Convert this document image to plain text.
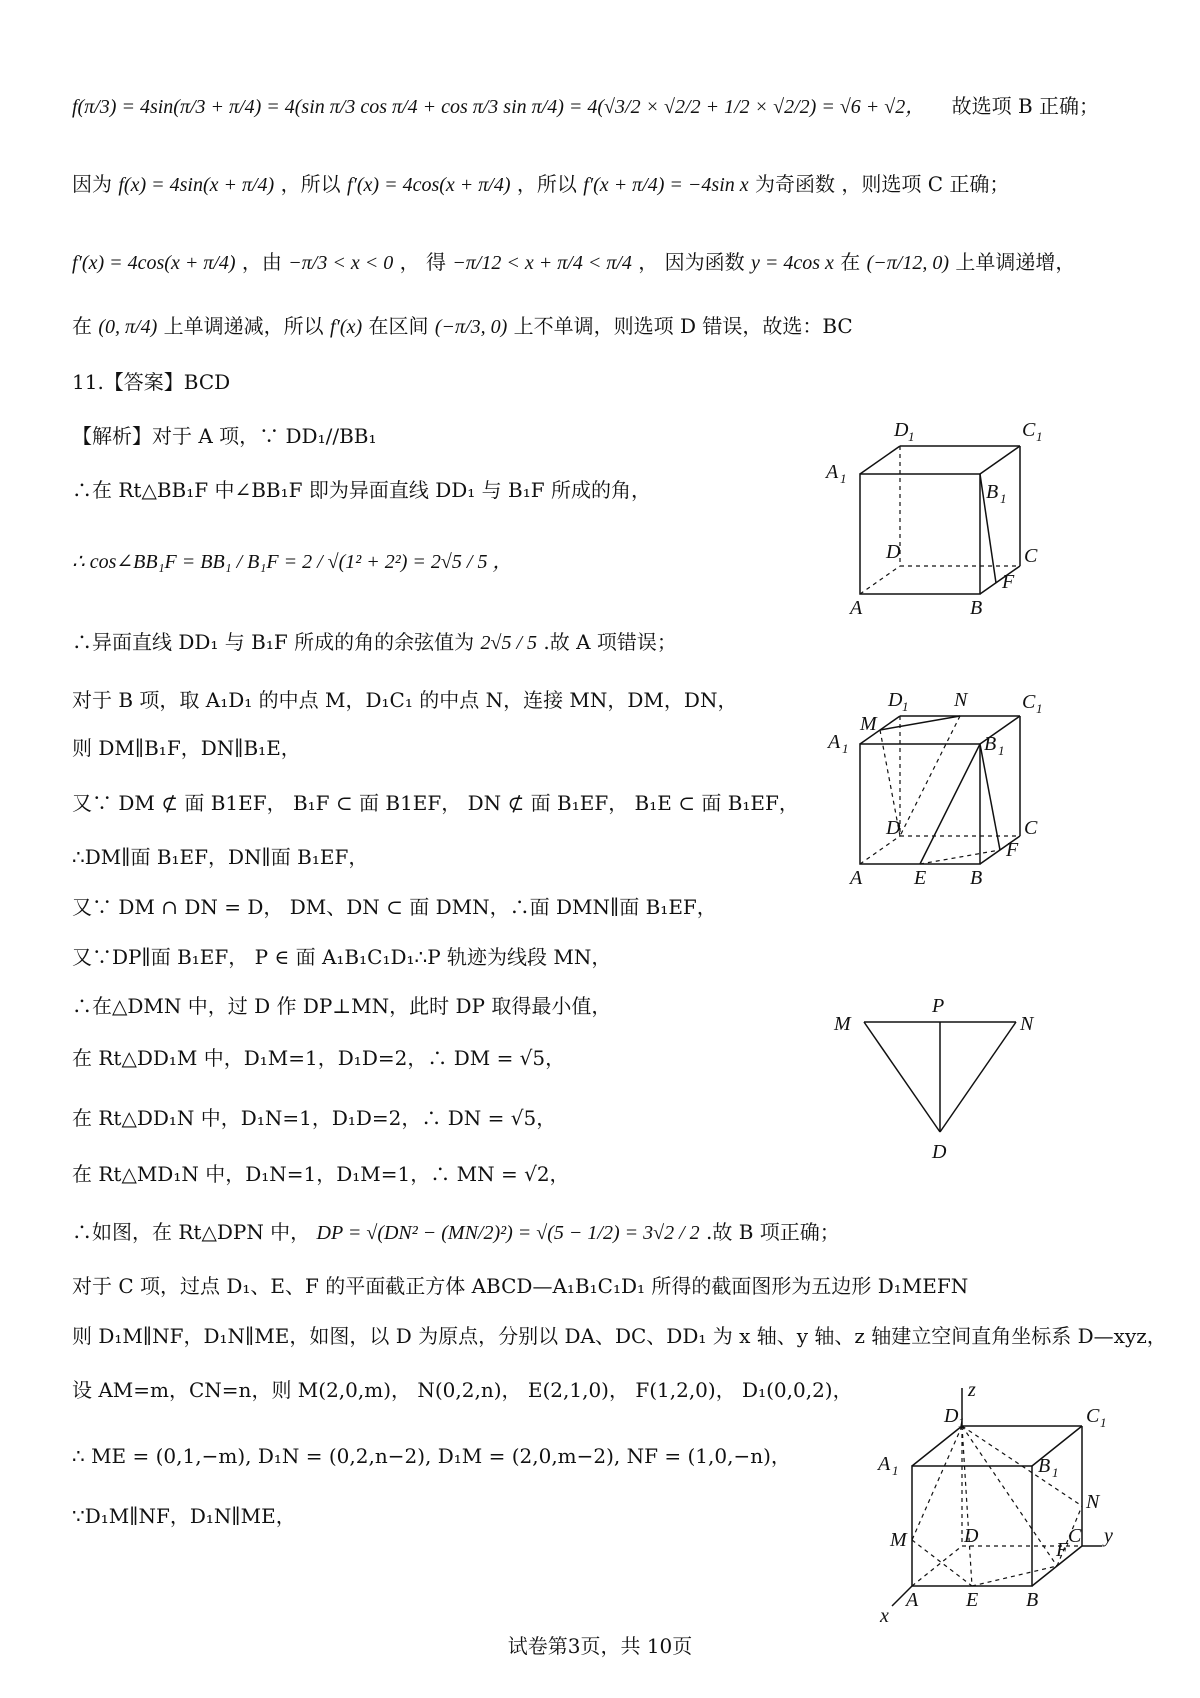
f(π/3) = 4sin(π/3 + π/4) = 4(sin π/3 cos π/4 + cos π/3 sin π/4) = 4(√3/2 × √2/2 + 1/2 × √2/2) = √6 + √2， 故选项 B 正确；
因为 f(x) = 4sin(x + π/4) ，所以 f′(x) = 4cos(x + π/4) ，所以 f′(x + π/4) = −4sin x 为奇函数 ，则选项 C 正确；
f′(x) = 4cos(x + π/4) ，由 −π/3 < x < 0 ， 得 −π/12 < x + π/4 < π/4 ， 因为函数 y = 4cos x 在 (−π/12, 0) 上单调递增，
在 (0, π/4) 上单调递减，所以 f′(x) 在区间 (−π/3, 0) 上不单调，则选项 D 错误，故选：BC
11.【答案】BCD
【解析】对于 A 项，∵ DD₁//BB₁
∴在 Rt△BB₁F 中∠BB₁F 即为异面直线 DD₁ 与 B₁F 所成的角，
∴ cos∠BB₁F = BB₁ / B₁F = 2 / √(1² + 2²) = 2√5 / 5 ，
∴异面直线 DD₁ 与 B₁F 所成的角的余弦值为 2√5 / 5 .故 A 项错误；
对于 B 项，取 A₁D₁ 的中点 M，D₁C₁ 的中点 N，连接 MN，DM，DN，
则 DM∥B₁F，DN∥B₁E，
又∵ DM ⊄ 面 B1EF， B₁F ⊂ 面 B1EF， DN ⊄ 面 B₁EF， B₁E ⊂ 面 B₁EF，
∴DM∥面 B₁EF，DN∥面 B₁EF，
又∵ DM ∩ DN = D， DM、DN ⊂ 面 DMN，∴面 DMN∥面 B₁EF，
又∵DP∥面 B₁EF， P ∈ 面 A₁B₁C₁D₁∴P 轨迹为线段 MN，
∴在△DMN 中，过 D 作 DP⊥MN，此时 DP 取得最小值，
在 Rt△DD₁M 中，D₁M=1，D₁D=2，∴ DM = √5，
在 Rt△DD₁N 中，D₁N=1，D₁D=2，∴ DN = √5，
在 Rt△MD₁N 中，D₁N=1，D₁M=1，∴ MN = √2，
∴如图，在 Rt△DPN 中， DP = √(DN² − (MN/2)²) = √(5 − 1/2) = 3√2 / 2 .故 B 项正确；
对于 C 项，过点 D₁、E、F 的平面截正方体 ABCD—A₁B₁C₁D₁ 所得的截面图形为五边形 D₁MEFN
则 D₁M∥NF，D₁N∥ME，如图，以 D 为原点，分别以 DA、DC、DD₁ 为 x 轴、y 轴、z 轴建立空间直角坐标系 D—xyz，
设 AM=m，CN=n，则 M(2,0,m)， N(0,2,n)， E(2,1,0)， F(1,2,0)， D₁(0,0,2)，
∴ ME = (0,1,−m), D₁N = (0,2,n−2), D₁M = (2,0,m−2), NF = (1,0,−n)，
∵D₁M∥NF，D₁N∥ME，
D 1	C 1
A 1
B 1
D	C
A	B
F
D 1 N	C 1
M
A 1	B 1
D	C
F
A	E B
M
P
N
D
z
D 1	C 1
A 1	B 1
N
M	D	C y
F
A E B
x
试卷第3页，共 10页
